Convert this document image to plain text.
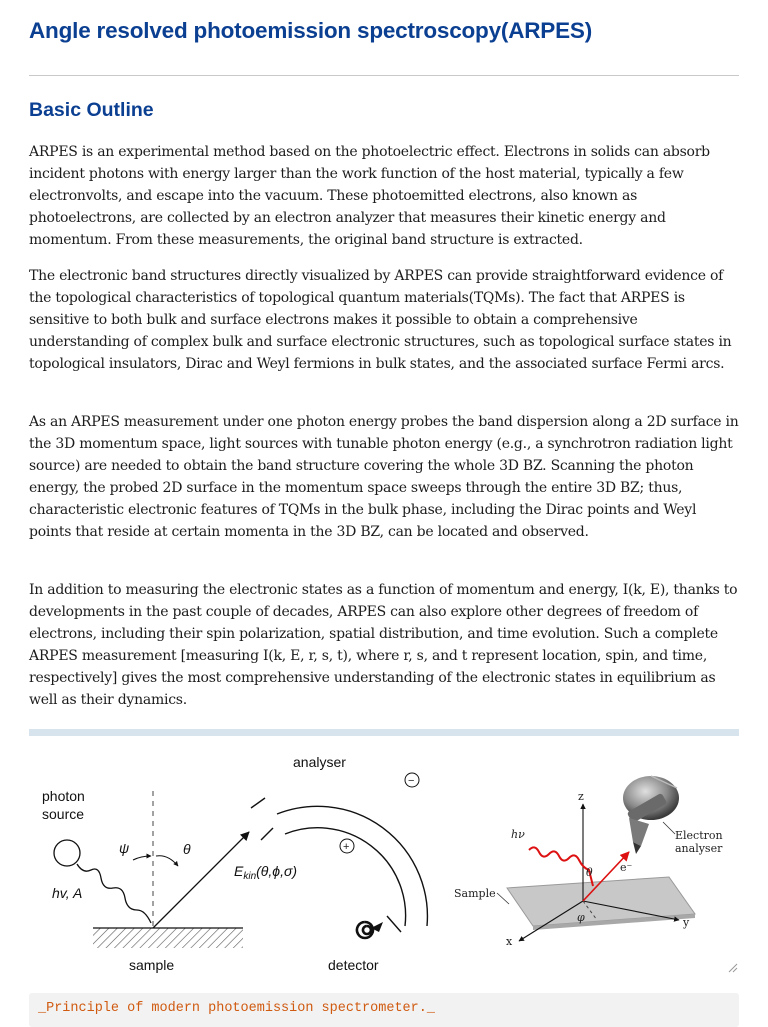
Angle resolved photoemission spectroscopy(ARPES)
Basic Outline

ARPES is an experimental method based on the photoelectric effect. Electrons in solids can absorb incident photons with energy larger than the work function of the host material, typically a few electronvolts, and escape into the vacuum. These photoemitted electrons, also known as photoelectrons, are collected by an electron analyzer that measures their kinetic energy and momentum. From these measurements, the original band structure is extracted.

The electronic band structures directly visualized by ARPES can provide straightforward evidence of the topological characteristics of topological quantum materials(TQMs). The fact that ARPES is sensitive to both bulk and surface electrons makes it possible to obtain a comprehensive understanding of complex bulk and surface electronic structures, such as topological surface states in topological insulators, Dirac and Weyl fermions in bulk states, and the associated surface Fermi arcs.

As an ARPES measurement under one photon energy probes the band dispersion along a 2D surface in the 3D momentum space, light sources with tunable photon energy (e.g., a synchrotron radiation light source) are needed to obtain the band structure covering the whole 3D BZ. Scanning the photon energy, the probed 2D surface in the momentum space sweeps through the entire 3D BZ; thus, characteristic electronic features of TQMs in the bulk phase, including the Dirac points and Weyl points that reside at certain momenta in the 3D BZ, can be located and observed.

In addition to measuring the electronic states as a function of momentum and energy, I(k, E), thanks to developments in the past couple of decades, ARPES can also explore other degrees of freedom of electrons, including their spin polarization, spatial distribution, and time evolution. Such a complete ARPES measurement [measuring I(k, E, r, s, t), where r, s, and t represent location, spin, and time, respectively] gives the most comprehensive understanding of the electronic states in equilibrium as well as their dynamics.

photon
source
hv, A
ψ	θ
sample
analyser
−
+
$E_{kin}(\theta,\phi,\sigma)$
detector
Sample
z
y
x
hν
e⁻
θ
φ
Electron
analyser
_Principle of modern photoemission spectrometer._
